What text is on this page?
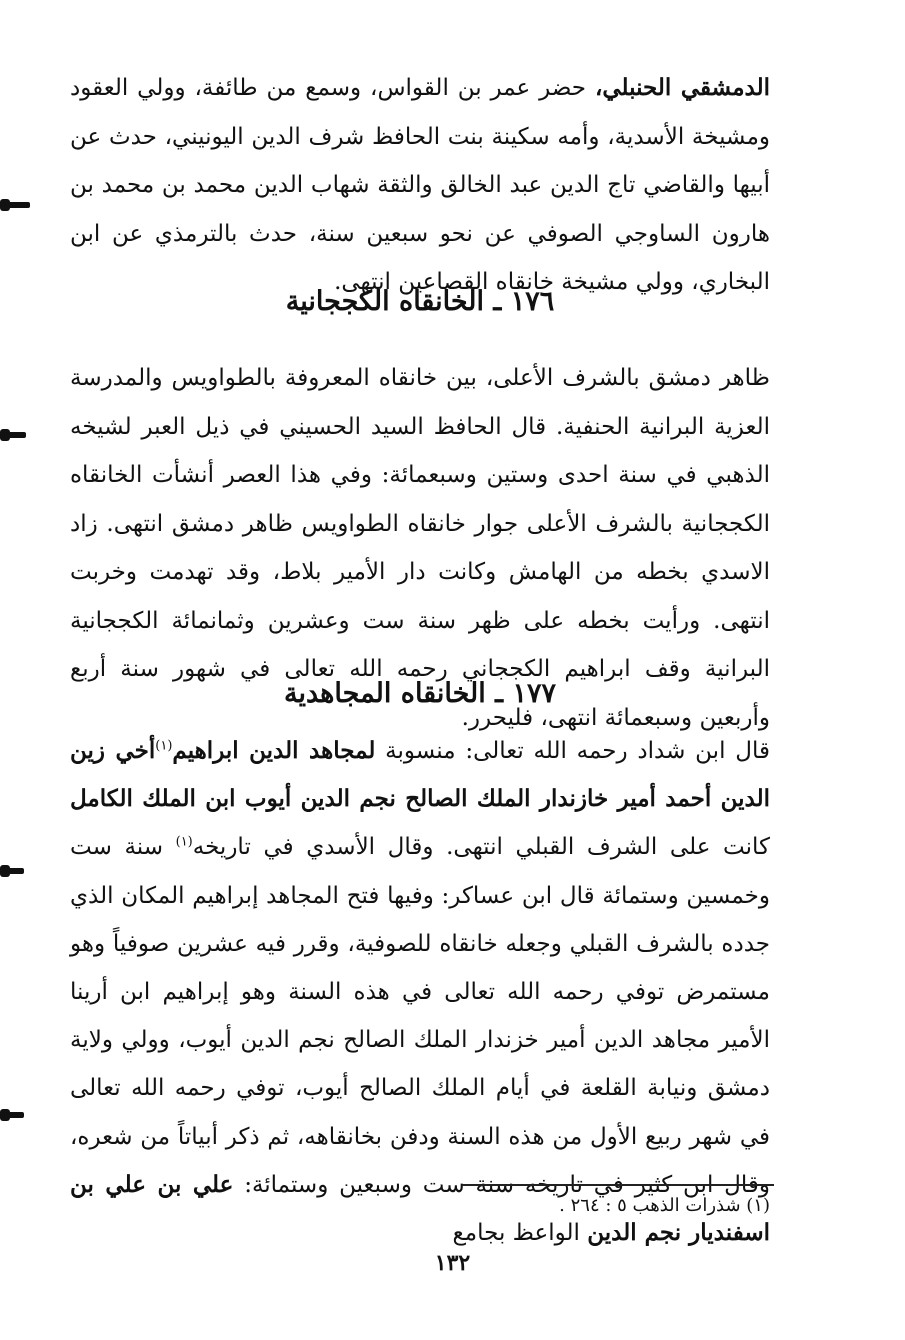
الدمشقي الحنبلي، حضر عمر بن القواس، وسمع من طائفة، وولي العقود ومشيخة الأسدية، وأمه سكينة بنت الحافظ شرف الدين اليونيني، حدث عن أبيها والقاضي تاج الدين عبد الخالق والثقة شهاب الدين محمد بن محمد بن هارون الساوجي الصوفي عن نحو سبعين سنة، حدث بالترمذي عن ابن البخاري، وولي مشيخة خانقاه القصاعين انتهى.

١٧٦ ـ الخانقاه الكججانية

ظاهر دمشق بالشرف الأعلى، بين خانقاه المعروفة بالطواويس والمدرسة العزية البرانية الحنفية. قال الحافظ السيد الحسيني في ذيل العبر لشيخه الذهبي في سنة احدى وستين وسبعمائة: وفي هذا العصر أنشأت الخانقاه الكججانية بالشرف الأعلى جوار خانقاه الطواويس ظاهر دمشق انتهى. زاد الاسدي بخطه من الهامش وكانت دار الأمير بلاط، وقد تهدمت وخربت انتهى. ورأيت بخطه على ظهر سنة ست وعشرين وثمانمائة الكججانية البرانية وقف ابراهيم الكججاني رحمه الله تعالى في شهور سنة أربع وأربعين وسبعمائة انتهى، فليحرر.

١٧٧ ـ الخانقاه المجاهدية

قال ابن شداد رحمه الله تعالى: منسوبة لمجاهد الدين ابراهيم$^{(١)}$أخي زين الدين أحمد أمير خازندار الملك الصالح نجم الدين أيوب ابن الملك الكامل كانت على الشرف القبلي انتهى. وقال الأسدي في تاريخه$^{(١)}$ سنة ست وخمسين وستمائة قال ابن عساكر: وفيها فتح المجاهد إبراهيم المكان الذي جدده بالشرف القبلي وجعله خانقاه للصوفية، وقرر فيه عشرين صوفياً وهو مستمرض توفي رحمه الله تعالى في هذه السنة وهو إبراهيم ابن أرينا الأمير مجاهد الدين أمير خزندار الملك الصالح نجم الدين أيوب، وولي ولاية دمشق ونيابة القلعة في أيام الملك الصالح أيوب، توفي رحمه الله تعالى في شهر ربيع الأول من هذه السنة ودفن بخانقاهه، ثم ذكر أبياتاً من شعره، وقال ابن كثير في تاريخه سنة ست وسبعين وستمائة: علي بن علي بن اسفنديار نجم الدين الواعظ بجامع

(١) شذرات الذهب ٥ : ٢٦٤ .

١٣٢
